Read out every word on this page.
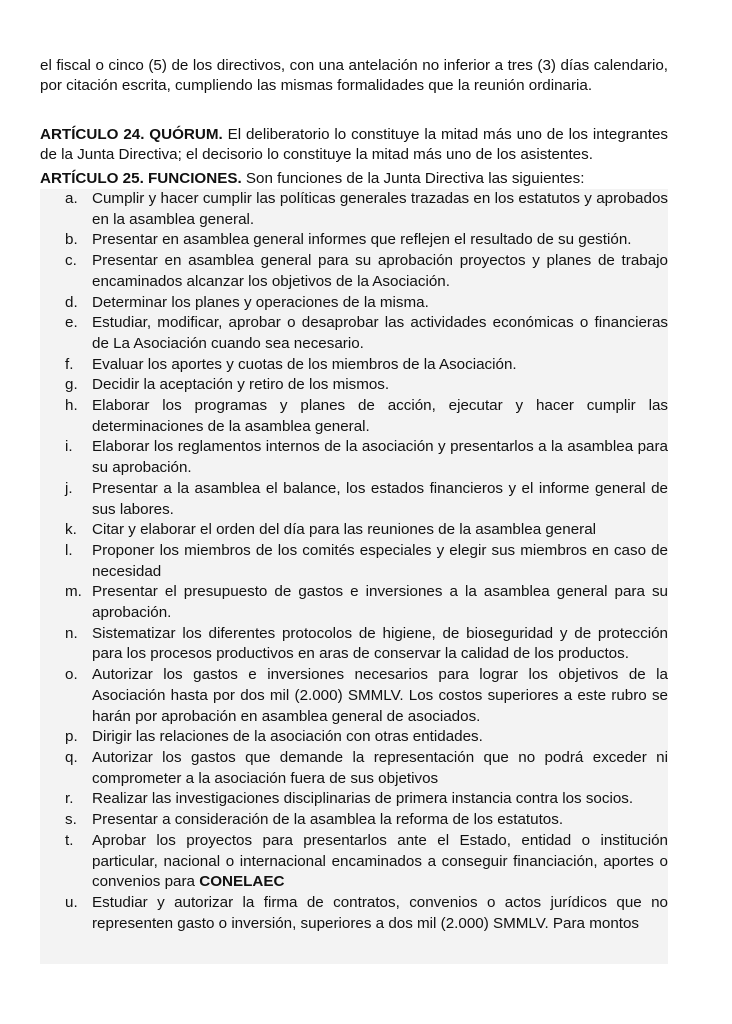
el fiscal o cinco (5) de los directivos, con una antelación no inferior a tres (3) días calendario, por citación escrita, cumpliendo las mismas formalidades que la reunión ordinaria.

ARTÍCULO 24. QUÓRUM. El deliberatorio lo constituye la mitad más uno de los integrantes de la Junta Directiva; el decisorio lo constituye la mitad más uno de los asistentes.

ARTÍCULO 25. FUNCIONES. Son funciones de la Junta Directiva las siguientes:

a. Cumplir y hacer cumplir las políticas generales trazadas en los estatutos y aprobados en la asamblea general.
b. Presentar en asamblea general informes que reflejen el resultado de su gestión.
c. Presentar en asamblea general para su aprobación proyectos y planes de trabajo encaminados alcanzar los objetivos de la Asociación.
d. Determinar los planes y operaciones de la misma.
e. Estudiar, modificar, aprobar o desaprobar las actividades económicas o financieras de La Asociación cuando sea necesario.
f. Evaluar los aportes y cuotas de los miembros de la Asociación.
g. Decidir la aceptación y retiro de los mismos.
h. Elaborar los programas y planes de acción, ejecutar y hacer cumplir las determinaciones de la asamblea general.
i. Elaborar los reglamentos internos de la asociación y presentarlos a la asamblea para su aprobación.
j. Presentar a la asamblea el balance, los estados financieros y el informe general de sus labores.
k. Citar y elaborar el orden del día para las reuniones de la asamblea general
l. Proponer los miembros de los comités especiales y elegir sus miembros en caso de necesidad
m. Presentar el presupuesto de gastos e inversiones a la asamblea general para su aprobación.
n. Sistematizar los diferentes protocolos de higiene, de bioseguridad y de protección para los procesos productivos en aras de conservar la calidad de los productos.
o. Autorizar los gastos e inversiones necesarios para lograr los objetivos de la Asociación hasta por dos mil (2.000) SMMLV. Los costos superiores a este rubro se harán por aprobación en asamblea general de asociados.
p. Dirigir las relaciones de la asociación con otras entidades.
q. Autorizar los gastos que demande la representación que no podrá exceder ni comprometer a la asociación fuera de sus objetivos
r. Realizar las investigaciones disciplinarias de primera instancia contra los socios.
s. Presentar a consideración de la asamblea la reforma de los estatutos.
t. Aprobar los proyectos para presentarlos ante el Estado, entidad o institución particular, nacional o internacional encaminados a conseguir financiación, aportes o convenios para CONELAEC
u. Estudiar y autorizar la firma de contratos, convenios o actos jurídicos que no representen gasto o inversión, superiores a dos mil (2.000) SMMLV. Para montos
